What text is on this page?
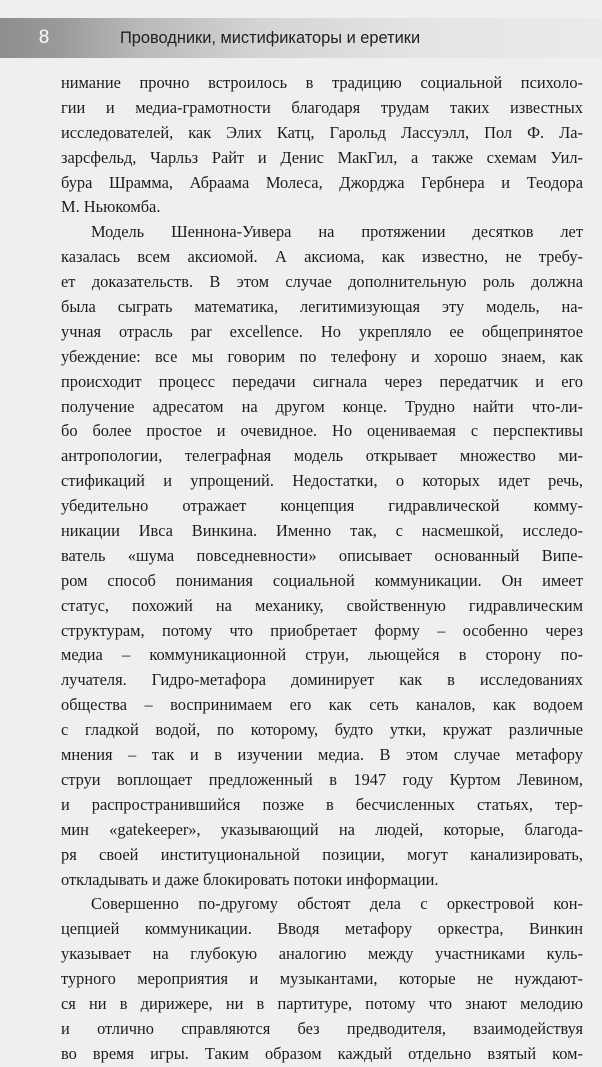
8	Проводники, мистификаторы и еретики
нимание прочно встроилось в традицию социальной психоло-
гии и медиа-грамотности благодаря трудам таких известных
исследователей, как Элих Катц, Гарольд Лассуэлл, Пол Ф. Ла-
зарсфельд, Чарльз Райт и Денис МакГил, а также схемам Уил-
бура Шрамма, Абраама Молеса, Джорджа Гербнера и Теодора
М. Ньюкомба.
Модель Шеннона-Уивера на протяжении десятков лет
казалась всем аксиомой. А аксиома, как известно, не требу-
ет доказательств. В этом случае дополнительную роль должна
была сыграть математика, легитимизующая эту модель, на-
учная отрасль par excellence. Но укрепляло ее общепринятое
убеждение: все мы говорим по телефону и хорошо знаем, как
происходит процесс передачи сигнала через передатчик и его
получение адресатом на другом конце. Трудно найти что-ли-
бо более простое и очевидное. Но оцениваемая с перспективы
антропологии, телеграфная модель открывает множество ми-
стификаций и упрощений. Недостатки, о которых идет речь,
убедительно отражает концепция гидравлической комму-
никации Ивса Винкина. Именно так, с насмешкой, исследо-
ватель «шума повседневности» описывает основанный Випе-
ром способ понимания социальной коммуникации. Он имеет
статус, похожий на механику, свойственную гидравлическим
структурам, потому что приобретает форму – особенно через
медиа – коммуникационной струи, льющейся в сторону по-
лучателя. Гидро-метафора доминирует как в исследованиях
общества – воспринимаем его как сеть каналов, как водоем
с гладкой водой, по которому, будто утки, кружат различные
мнения – так и в изучении медиа. В этом случае метафору
струи воплощает предложенный в 1947 году Куртом Левином,
и распространившийся позже в бесчисленных статьях, тер-
мин «gatekeeper», указывающий на людей, которые, благода-
ря своей институциональной позиции, могут канализировать,
откладывать и даже блокировать потоки информации.
Совершенно по-другому обстоят дела с оркестровой кон-
цепцией коммуникации. Вводя метафору оркестра, Винкин
указывает на глубокую аналогию между участниками куль-
турного мероприятия и музыкантами, которые не нуждают-
ся ни в дирижере, ни в партитуре, потому что знают мелодию
и отлично справляются без предводителя, взаимодействуя
во время игры. Таким образом каждый отдельно взятый ком-
